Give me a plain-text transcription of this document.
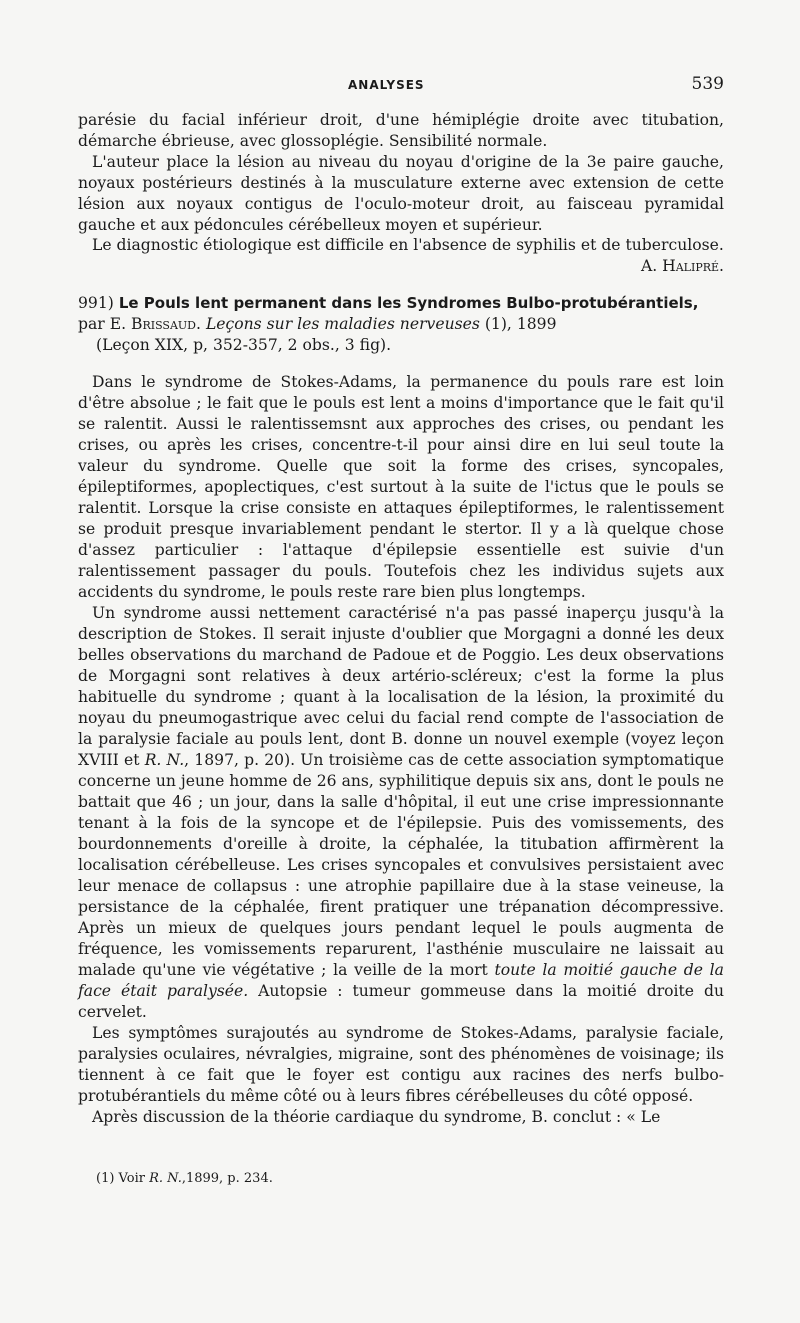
ANALYSES	539

parésie du facial inférieur droit, d'une hémiplégie droite avec titubation, démarche ébrieuse, avec glossoplégie. Sensibilité normale.

L'auteur place la lésion au niveau du noyau d'origine de la 3e paire gauche, noyaux postérieurs destinés à la musculature externe avec extension de cette lésion aux noyaux contigus de l'oculo-moteur droit, au faisceau pyramidal gauche et aux pédoncules cérébelleux moyen et supérieur.

Le diagnostic étiologique est difficile en l'absence de syphilis et de tuberculose.

A. Halipré.

991) Le Pouls lent permanent dans les Syndromes Bulbo-protubérantiels, par E. Brissaud. Leçons sur les maladies nerveuses (1), 1899
(Leçon XIX, p, 352-357, 2 obs., 3 fig).

Dans le syndrome de Stokes-Adams, la permanence du pouls rare est loin d'être absolue ; le fait que le pouls est lent a moins d'importance que le fait qu'il se ralentit. Aussi le ralentissemsnt aux approches des crises, ou pendant les crises, ou après les crises, concentre-t-il pour ainsi dire en lui seul toute la valeur du syndrome. Quelle que soit la forme des crises, syncopales, épileptiformes, apoplectiques, c'est surtout à la suite de l'ictus que le pouls se ralentit. Lorsque la crise consiste en attaques épileptiformes, le ralentissement se produit presque invariablement pendant le stertor. Il y a là quelque chose d'assez particulier : l'attaque d'épilepsie essentielle est suivie d'un ralentissement passager du pouls. Toutefois chez les individus sujets aux accidents du syndrome, le pouls reste rare bien plus longtemps.

Un syndrome aussi nettement caractérisé n'a pas passé inaperçu jusqu'à la description de Stokes. Il serait injuste d'oublier que Morgagni a donné les deux belles observations du marchand de Padoue et de Poggio. Les deux observations de Morgagni sont relatives à deux artério-scléreux; c'est la forme la plus habituelle du syndrome ; quant à la localisation de la lésion, la proximité du noyau du pneumogastrique avec celui du facial rend compte de l'association de la paralysie faciale au pouls lent, dont B. donne un nouvel exemple (voyez leçon XVIII et R. N., 1897, p. 20). Un troisième cas de cette association symptomatique concerne un jeune homme de 26 ans, syphilitique depuis six ans, dont le pouls ne battait que 46 ; un jour, dans la salle d'hôpital, il eut une crise impressionnante tenant à la fois de la syncope et de l'épilepsie. Puis des vomissements, des bourdonnements d'oreille à droite, la céphalée, la titubation affirmèrent la localisation cérébelleuse. Les crises syncopales et convulsives persistaient avec leur menace de collapsus : une atrophie papillaire due à la stase veineuse, la persistance de la céphalée, firent pratiquer une trépanation décompressive. Après un mieux de quelques jours pendant lequel le pouls augmenta de fréquence, les vomissements reparurent, l'asthénie musculaire ne laissait au malade qu'une vie végétative ; la veille de la mort toute la moitié gauche de la face était paralysée. Autopsie : tumeur gommeuse dans la moitié droite du cervelet.

Les symptômes surajoutés au syndrome de Stokes-Adams, paralysie faciale, paralysies oculaires, névralgies, migraine, sont des phénomènes de voisinage; ils tiennent à ce fait que le foyer est contigu aux racines des nerfs bulbo-protubérantiels du même côté ou à leurs fibres cérébelleuses du côté opposé.

Après discussion de la théorie cardiaque du syndrome, B. conclut : « Le

(1) Voir R. N.,1899, p. 234.
